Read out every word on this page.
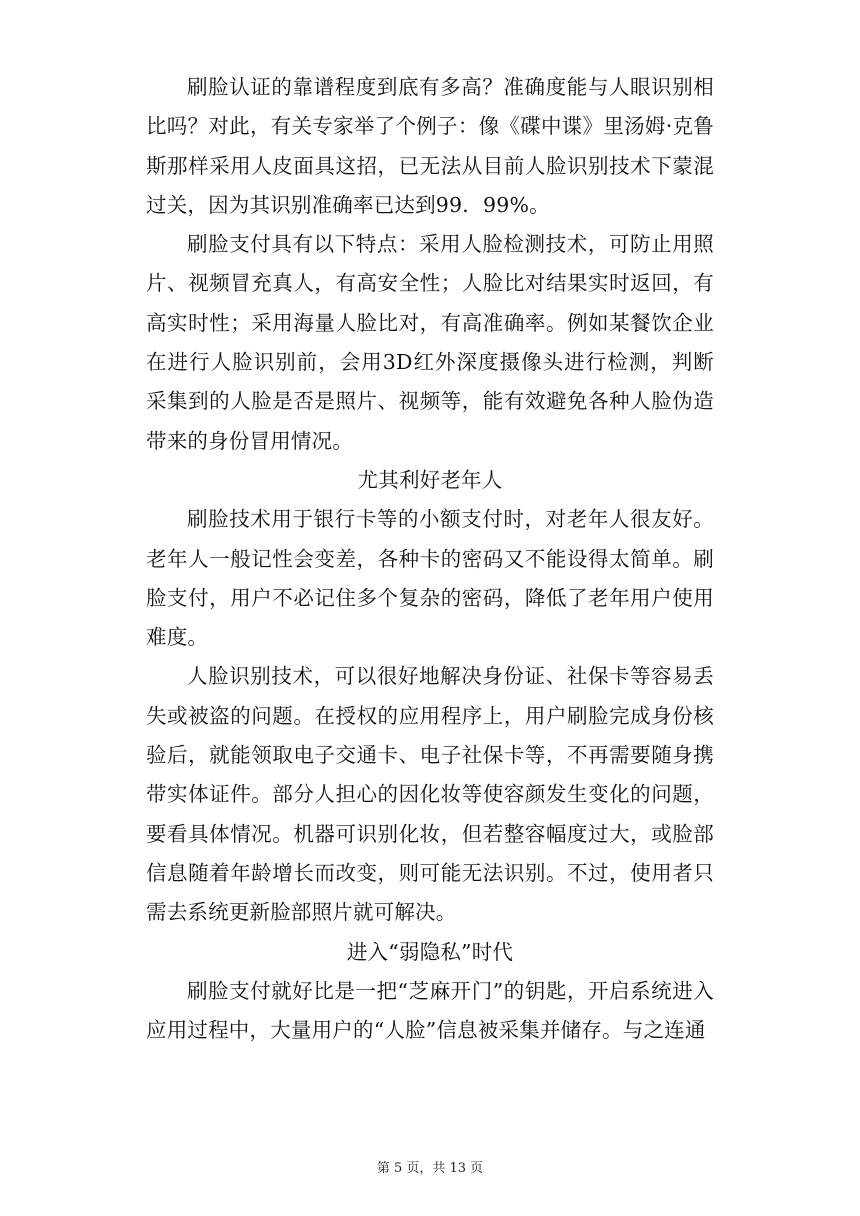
刷脸认证的靠谱程度到底有多高？准确度能与人眼识别相比吗？对此，有关专家举了个例子：像《碟中谍》里汤姆·克鲁斯那样采用人皮面具这招，已无法从目前人脸识别技术下蒙混过关，因为其识别准确率已达到99．99%。

刷脸支付具有以下特点：采用人脸检测技术，可防止用照片、视频冒充真人，有高安全性；人脸比对结果实时返回，有高实时性；采用海量人脸比对，有高准确率。例如某餐饮企业在进行人脸识别前，会用3D红外深度摄像头进行检测，判断采集到的人脸是否是照片、视频等，能有效避免各种人脸伪造带来的身份冒用情况。

尤其利好老年人

刷脸技术用于银行卡等的小额支付时，对老年人很友好。老年人一般记性会变差，各种卡的密码又不能设得太简单。刷脸支付，用户不必记住多个复杂的密码，降低了老年用户使用难度。

人脸识别技术，可以很好地解决身份证、社保卡等容易丢失或被盗的问题。在授权的应用程序上，用户刷脸完成身份核验后，就能领取电子交通卡、电子社保卡等，不再需要随身携带实体证件。部分人担心的因化妆等使容颜发生变化的问题，要看具体情况。机器可识别化妆，但若整容幅度过大，或脸部信息随着年龄增长而改变，则可能无法识别。不过，使用者只需去系统更新脸部照片就可解决。

进入“弱隐私”时代

刷脸支付就好比是一把“芝麻开门”的钥匙，开启系统进入应用过程中，大量用户的“人脸”信息被采集并储存。与之连通

第 5 页，共 13 页
